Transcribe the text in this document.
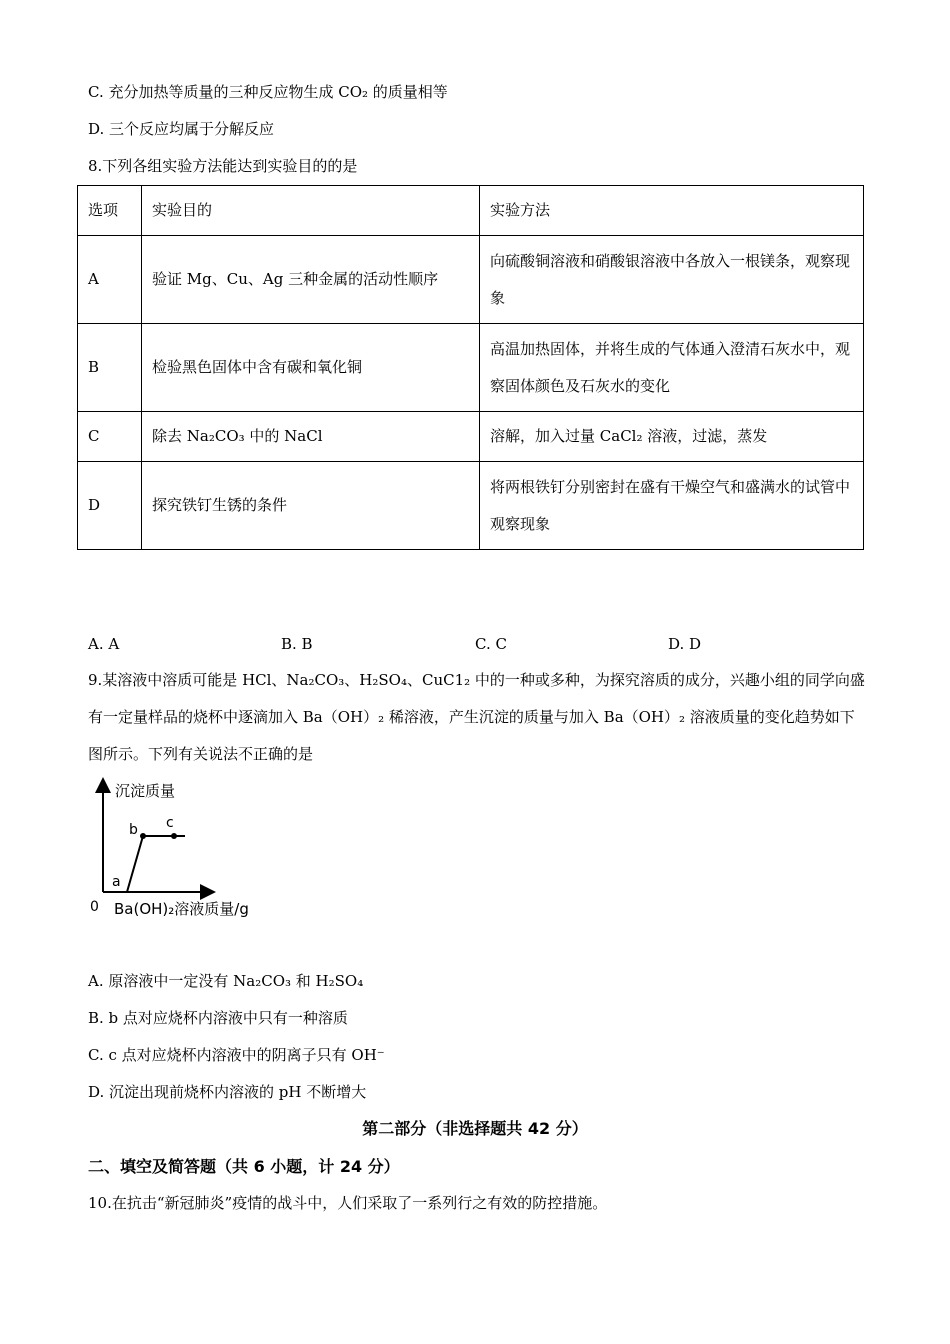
C. 充分加热等质量的三种反应物生成 CO₂ 的质量相等
D. 三个反应均属于分解反应
8.下列各组实验方法能达到实验目的的是
选项	实验目的	实验方法
A	验证 Mg、Cu、Ag 三种金属的活动性顺序	向硫酸铜溶液和硝酸银溶液中各放入一根镁条，观察现象
B	检验黑色固体中含有碳和氧化铜	高温加热固体，并将生成的气体通入澄清石灰水中，观察固体颜色及石灰水的变化
C	除去 Na₂CO₃ 中的 NaCl	溶解，加入过量 CaCl₂ 溶液，过滤，蒸发
D	探究铁钉生锈的条件	将两根铁钉分别密封在盛有干燥空气和盛满水的试管中观察现象
A. A	B. B	C. C	D. D
9.某溶液中溶质可能是 HCl、Na₂CO₃、H₂SO₄、CuC1₂ 中的一种或多种，为探究溶质的成分，兴趣小组的同学向盛有一定量样品的烧杯中逐滴加入 Ba（OH）₂ 稀溶液，产生沉淀的质量与加入 Ba（OH）₂ 溶液质量的变化趋势如下图所示。下列有关说法不正确的是
沉淀质量
a
b c
0 Ba(OH)₂溶液质量/g
A. 原溶液中一定没有 Na₂CO₃ 和 H₂SO₄
B. b 点对应烧杯内溶液中只有一种溶质
C. c 点对应烧杯内溶液中的阴离子只有 OH⁻
D. 沉淀出现前烧杯内溶液的 pH 不断增大
第二部分（非选择题共 42 分）
二、填空及简答题（共 6 小题，计 24 分）
10.在抗击“新冠肺炎”疫情的战斗中，人们采取了一系列行之有效的防控措施。
